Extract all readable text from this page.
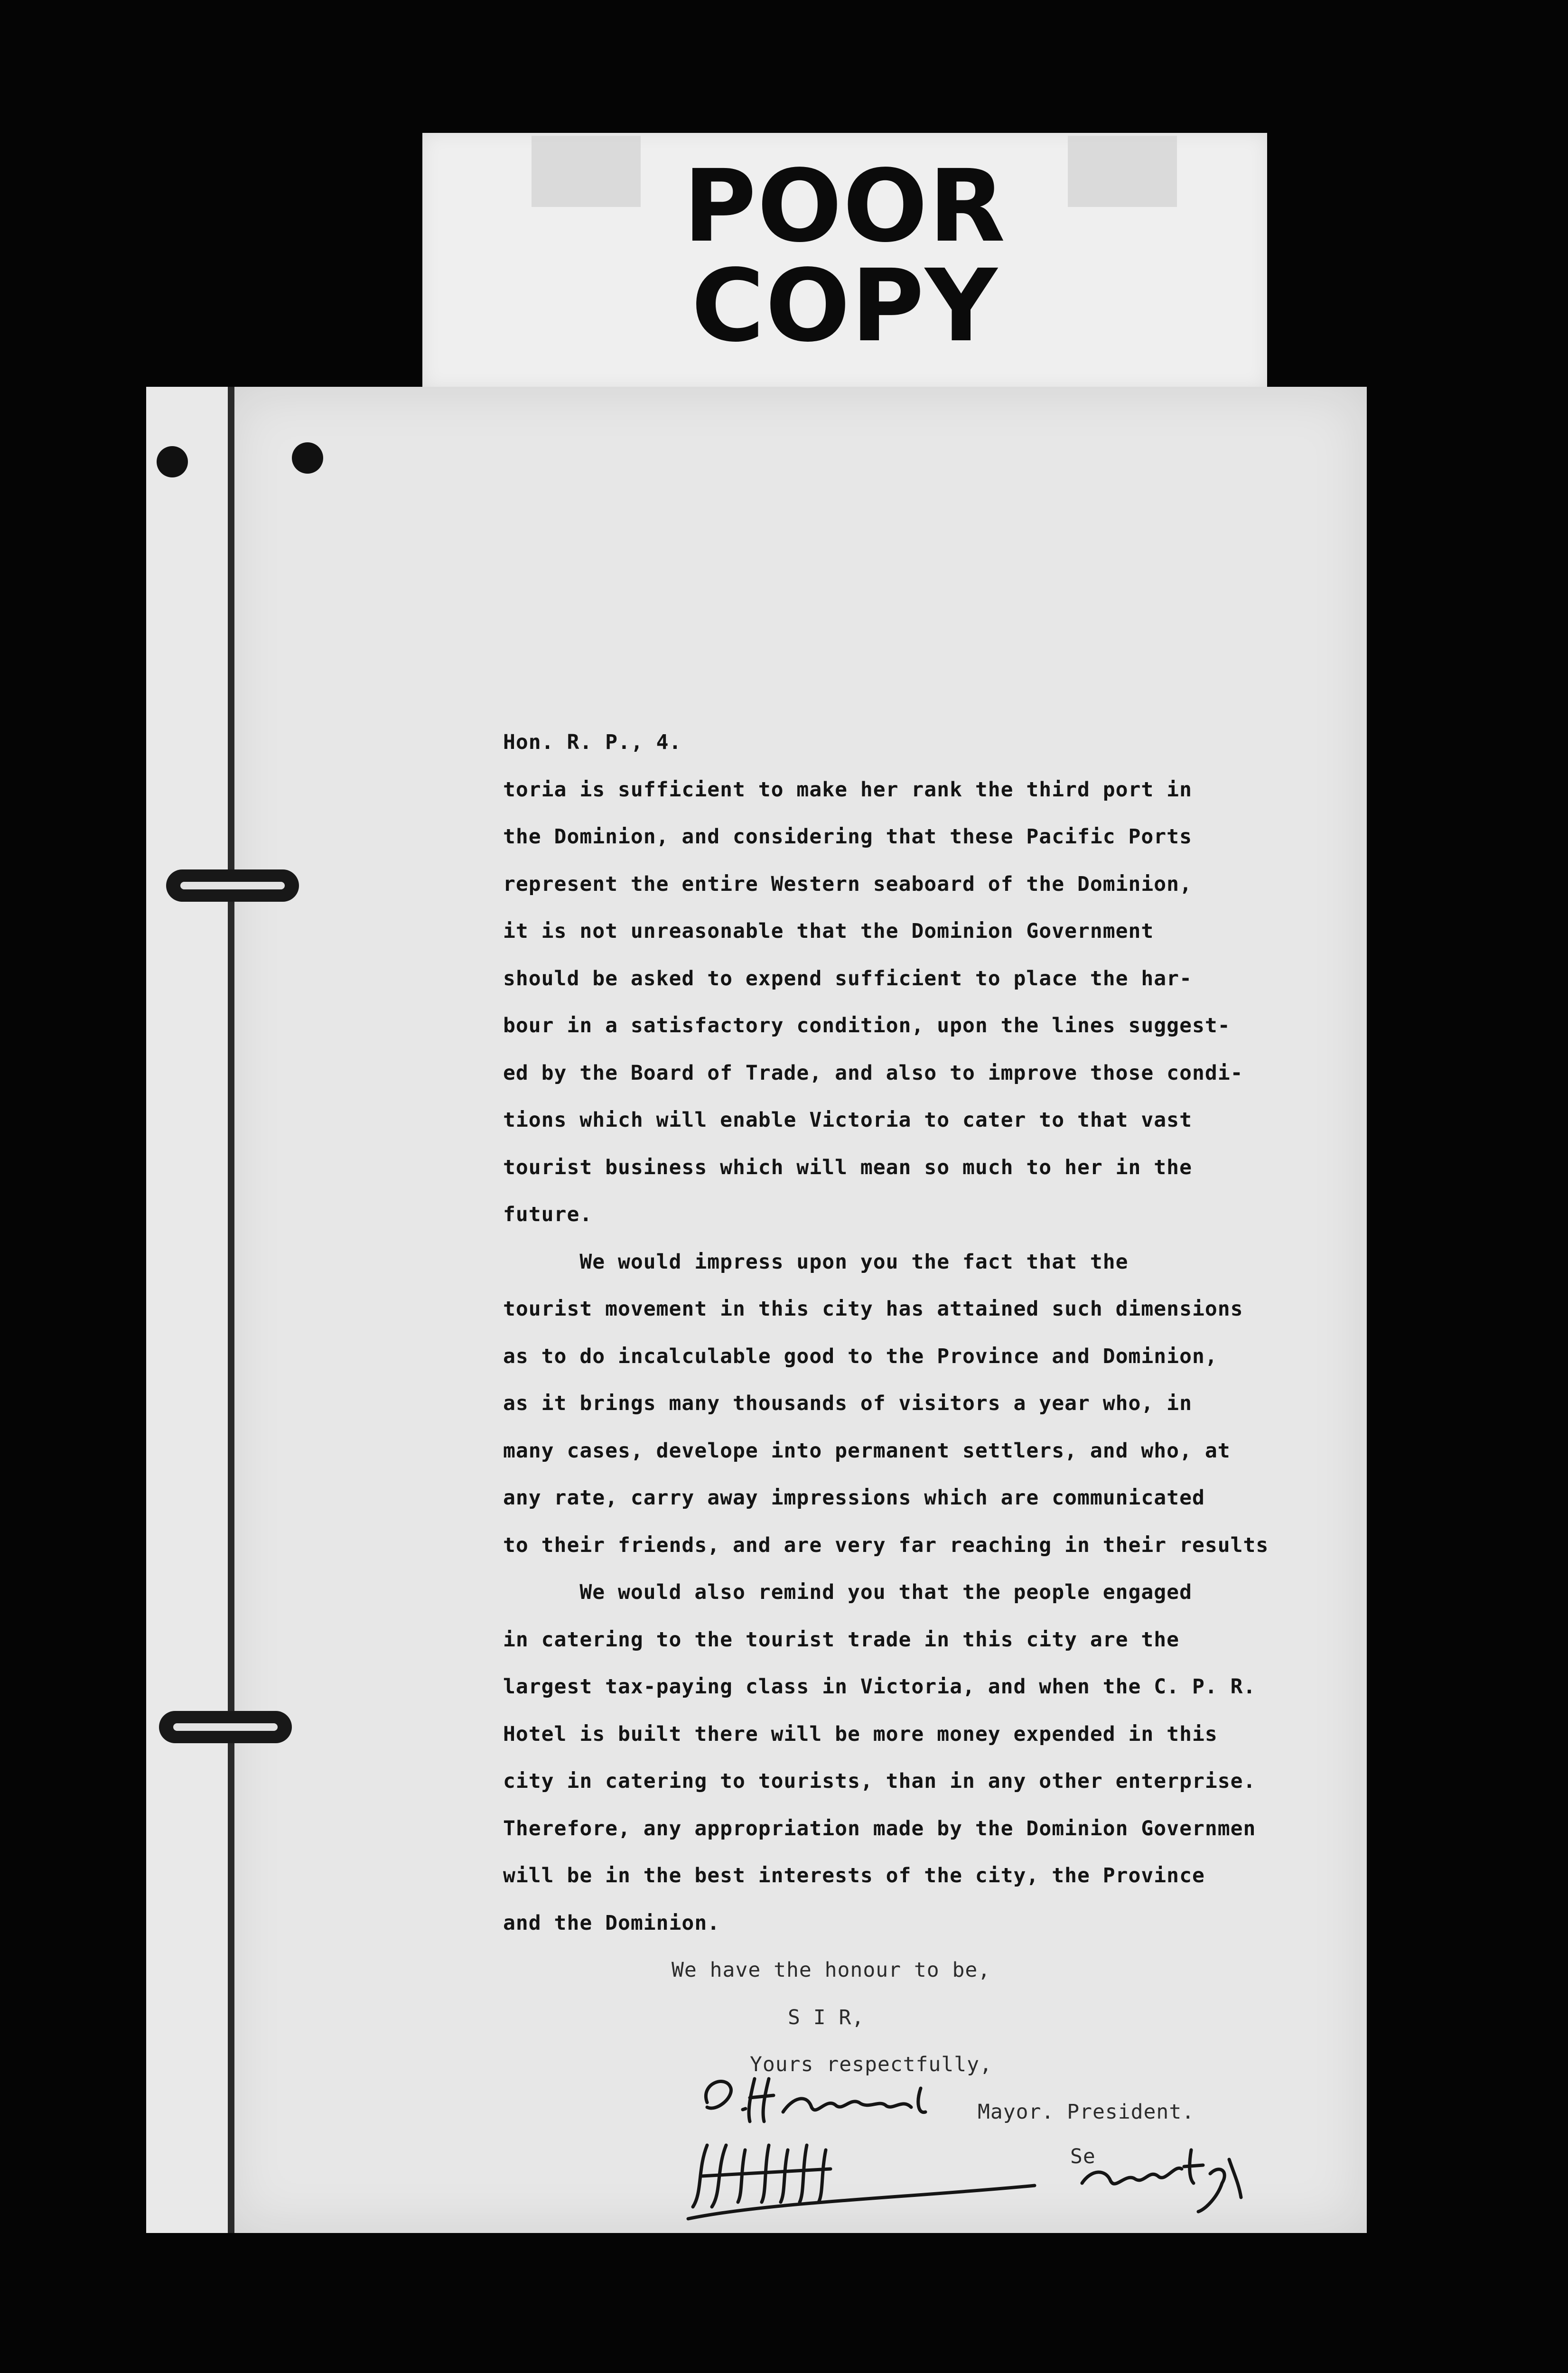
POOR
COPY
Hon. R. P., 4.
toria is sufficient to make her rank the third port in
the Dominion, and considering that these Pacific Ports
represent the entire Western seaboard of the Dominion,
it is not unreasonable that the Dominion Government
should be asked to expend sufficient to place the har-
bour in a satisfactory condition, upon the lines suggest-
ed by the Board of Trade, and also to improve those condi-
tions which will enable Victoria to cater to that vast
tourist business which will mean so much to her in the
future.
We would impress upon you the fact that the
tourist movement in this city has attained such dimensions
as to do incalculable good to the Province and Dominion,
as it brings many thousands of visitors a year who, in
many cases, develope into permanent settlers, and who, at
any rate, carry away impressions which are communicated
to their friends, and are very far reaching in their results
We would also remind you that the people engaged
in catering to the tourist trade in this city are the
largest tax-paying class in Victoria, and when the C. P. R.
Hotel is built there will be more money expended in this
city in catering to tourists, than in any other enterprise.
Therefore, any appropriation made by the Dominion Governmen
will be in the best interests of the city, the Province
and the Dominion.
We have the honour to be,
S I R,
Yours respectfully,
Mayor. President.
Se
